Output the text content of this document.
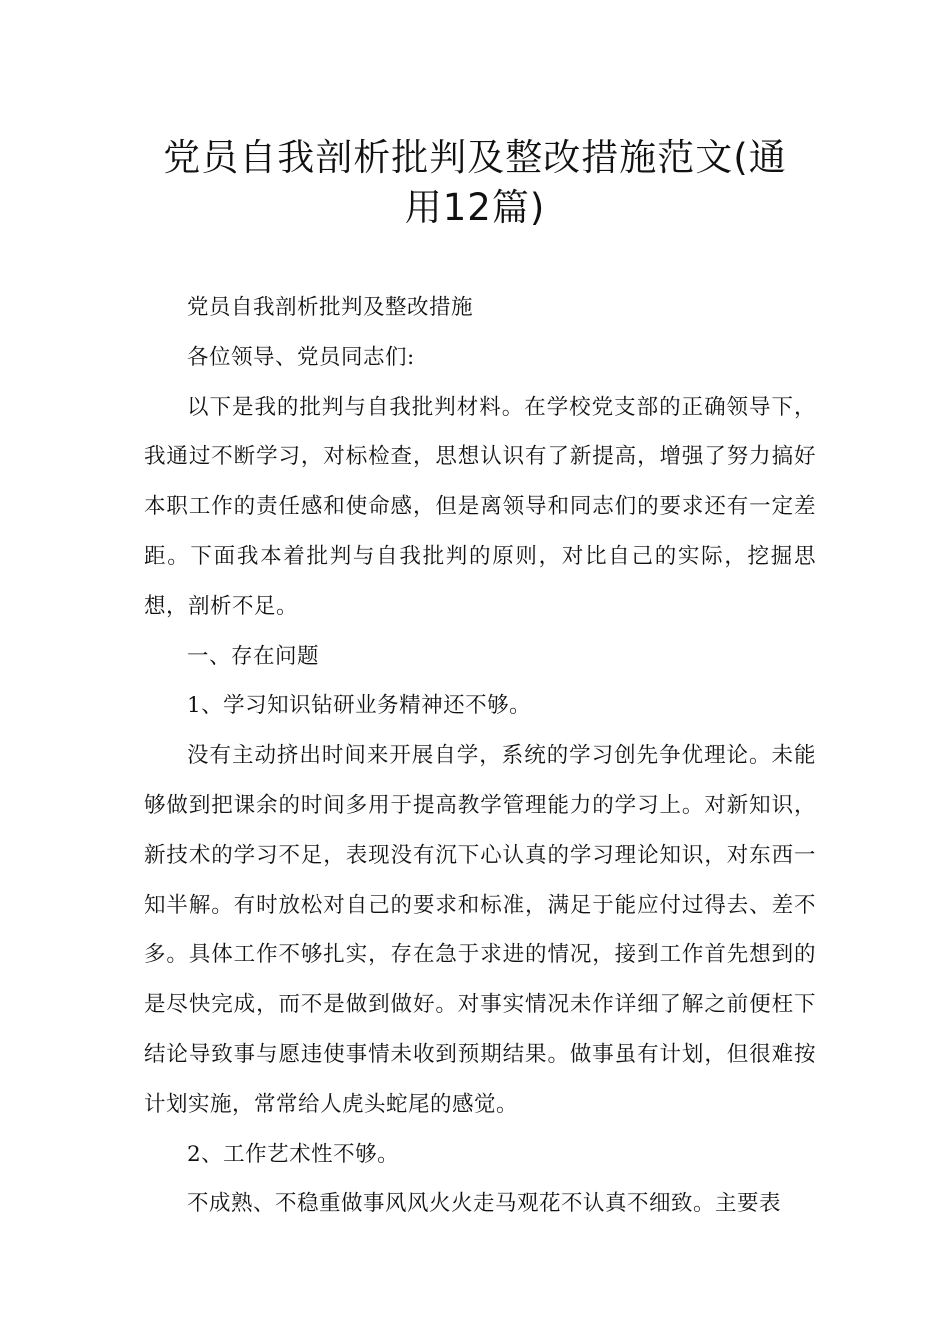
党员自我剖析批判及整改措施范文(通
用12篇)

党员自我剖析批判及整改措施

各位领导、党员同志们:

以下是我的批判与自我批判材料。在学校党支部的正确领导下，我通过不断学习，对标检查，思想认识有了新提高，增强了努力搞好本职工作的责任感和使命感，但是离领导和同志们的要求还有一定差距。下面我本着批判与自我批判的原则，对比自己的实际，挖掘思想，剖析不足。

一、存在问题

1、学习知识钻研业务精神还不够。

没有主动挤出时间来开展自学，系统的学习创先争优理论。未能够做到把课余的时间多用于提高教学管理能力的学习上。对新知识，新技术的学习不足，表现没有沉下心认真的学习理论知识，对东西一知半解。有时放松对自己的要求和标准，满足于能应付过得去、差不多。具体工作不够扎实，存在急于求进的情况，接到工作首先想到的是尽快完成，而不是做到做好。对事实情况未作详细了解之前便枉下结论导致事与愿违使事情未收到预期结果。做事虽有计划，但很难按计划实施，常常给人虎头蛇尾的感觉。

2、工作艺术性不够。

不成熟、不稳重做事风风火火走马观花不认真不细致。主要表
